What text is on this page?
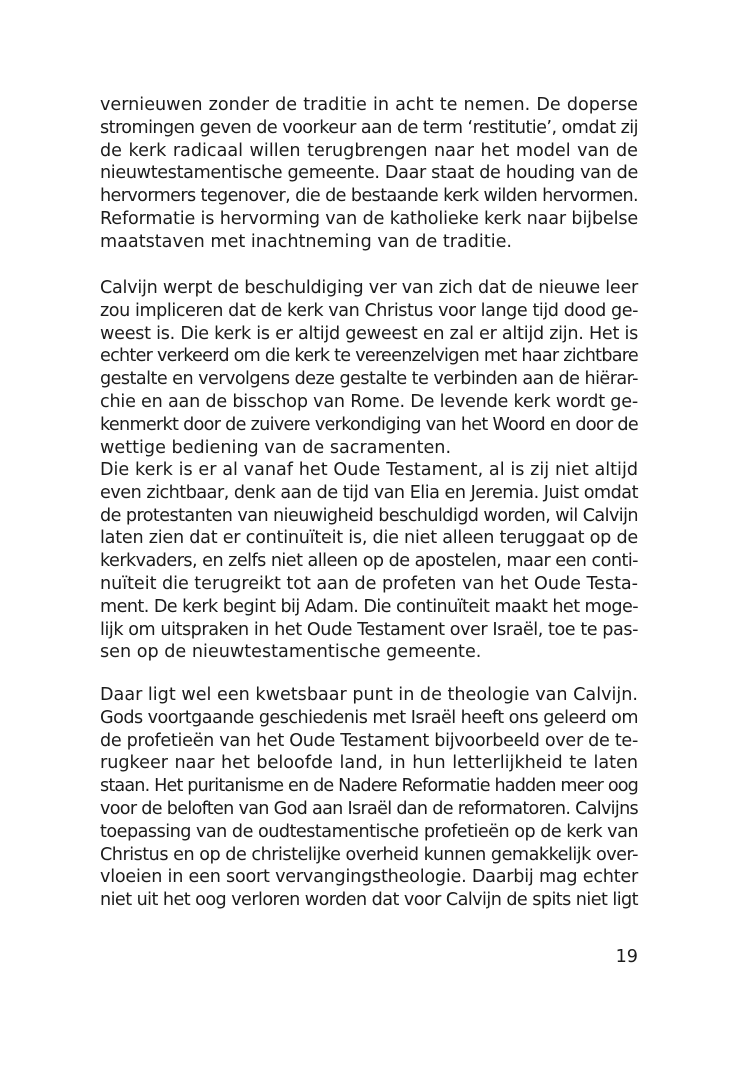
vernieuwen zonder de traditie in acht te nemen. De doperse
stromingen geven de voorkeur aan de term ‘restitutie’, omdat zij
de kerk radicaal willen terugbrengen naar het model van de
nieuwtestamentische gemeente. Daar staat de houding van de
hervormers tegenover, die de bestaande kerk wilden hervormen.
Reformatie is hervorming van de katholieke kerk naar bijbelse
maatstaven met inachtneming van de traditie.
Calvijn werpt de beschuldiging ver van zich dat de nieuwe leer
zou impliceren dat de kerk van Christus voor lange tijd dood ge-
weest is. Die kerk is er altijd geweest en zal er altijd zijn. Het is
echter verkeerd om die kerk te vereenzelvigen met haar zichtbare
gestalte en vervolgens deze gestalte te verbinden aan de hiërar-
chie en aan de bisschop van Rome. De levende kerk wordt ge-
kenmerkt door de zuivere verkondiging van het Woord en door de
wettige bediening van de sacramenten.
Die kerk is er al vanaf het Oude Testament, al is zij niet altijd
even zichtbaar, denk aan de tijd van Elia en Jeremia. Juist omdat
de protestanten van nieuwigheid beschuldigd worden, wil Calvijn
laten zien dat er continuïteit is, die niet alleen teruggaat op de
kerkvaders, en zelfs niet alleen op de apostelen, maar een conti-
nuïteit die terugreikt tot aan de profeten van het Oude Testa-
ment. De kerk begint bij Adam. Die continuïteit maakt het moge-
lijk om uitspraken in het Oude Testament over Israël, toe te pas-
sen op de nieuwtestamentische gemeente.
Daar ligt wel een kwetsbaar punt in de theologie van Calvijn.
Gods voortgaande geschiedenis met Israël heeft ons geleerd om
de profetieën van het Oude Testament bijvoorbeeld over de te-
rugkeer naar het beloofde land, in hun letterlijkheid te laten
staan. Het puritanisme en de Nadere Reformatie hadden meer oog
voor de beloften van God aan Israël dan de reformatoren. Calvijns
toepassing van de oudtestamentische profetieën op de kerk van
Christus en op de christelijke overheid kunnen gemakkelijk over-
vloeien in een soort vervangingstheologie. Daarbij mag echter
niet uit het oog verloren worden dat voor Calvijn de spits niet ligt
19
